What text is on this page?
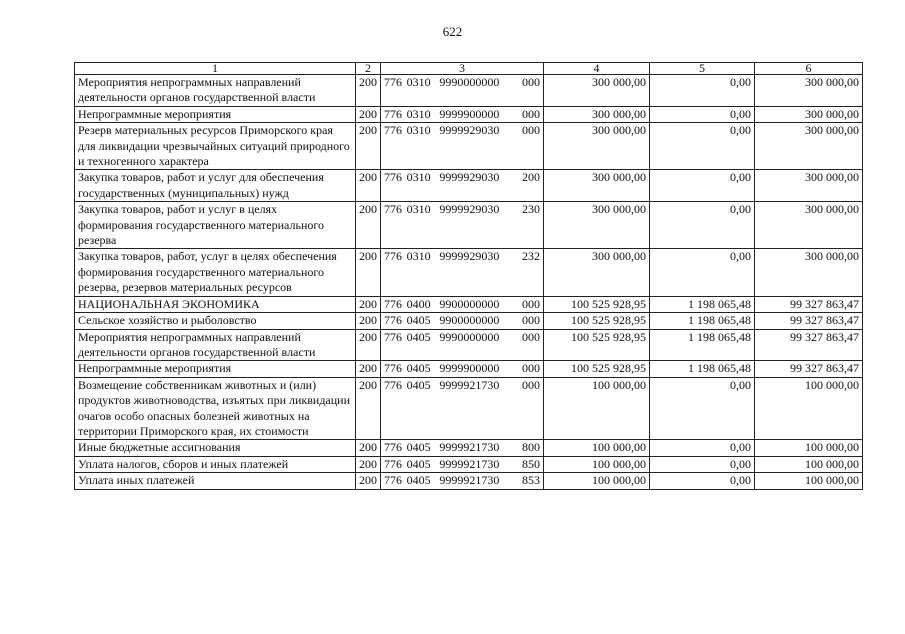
622
1	2	3	4	5	6
Мероприятия непрограммных направлений деятельности органов государственной власти	200	776 0310 9990000000 000	300 000,00	0,00	300 000,00
Непрограммные мероприятия	200	776 0310 9999900000 000	300 000,00	0,00	300 000,00
Резерв материальных ресурсов Приморского края для ликвидации чрезвычайных ситуаций природного и техногенного характера	200	776 0310 9999929030 000	300 000,00	0,00	300 000,00
Закупка товаров, работ и услуг для обеспечения государственных (муниципальных) нужд	200	776 0310 9999929030 200	300 000,00	0,00	300 000,00
Закупка товаров, работ и услуг в целях формирования государственного материального резерва	200	776 0310 9999929030 230	300 000,00	0,00	300 000,00
Закупка товаров, работ, услуг в целях обеспечения формирования государственного материального резерва, резервов материальных ресурсов	200	776 0310 9999929030 232	300 000,00	0,00	300 000,00
НАЦИОНАЛЬНАЯ ЭКОНОМИКА	200	776 0400 9900000000 000	100 525 928,95	1 198 065,48	99 327 863,47
Сельское хозяйство и рыболовство	200	776 0405 9900000000 000	100 525 928,95	1 198 065,48	99 327 863,47
Мероприятия непрограммных направлений деятельности органов государственной власти	200	776 0405 9990000000 000	100 525 928,95	1 198 065,48	99 327 863,47
Непрограммные мероприятия	200	776 0405 9999900000 000	100 525 928,95	1 198 065,48	99 327 863,47
Возмещение собственникам животных и (или) продуктов животноводства, изъятых при ликвидации очагов особо опасных болезней животных на территории Приморского края, их стоимости	200	776 0405 9999921730 000	100 000,00	0,00	100 000,00
Иные бюджетные ассигнования	200	776 0405 9999921730 800	100 000,00	0,00	100 000,00
Уплата налогов, сборов и иных платежей	200	776 0405 9999921730 850	100 000,00	0,00	100 000,00
Уплата иных платежей	200	776 0405 9999921730 853	100 000,00	0,00	100 000,00
